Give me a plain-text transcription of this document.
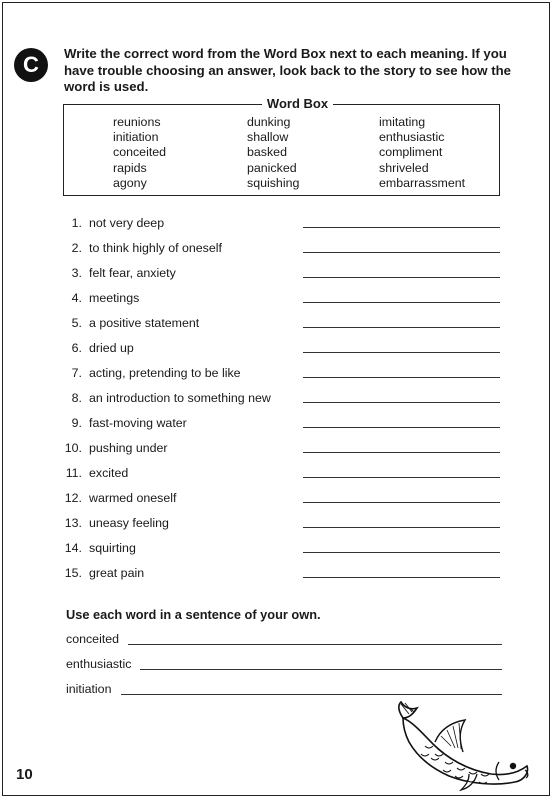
C	Write the correct word from the Word Box next to each meaning. If you have trouble choosing an answer, look back to the story to see how the word is used.
Word Box
reunions
initiation
conceited
rapids
agony
dunking
shallow
basked
panicked
squishing
imitating
enthusiastic
compliment
shriveled
embarrassment
1. not very deep
2. to think highly of oneself
3. felt fear, anxiety
4. meetings
5. a positive statement
6. dried up
7. acting, pretending to be like
8. an introduction to something new
9. fast-moving water
10. pushing under
11. excited
12. warmed oneself
13. uneasy feeling
14. squirting
15. great pain
Use each word in a sentence of your own.
conceited
enthusiastic
initiation
10
